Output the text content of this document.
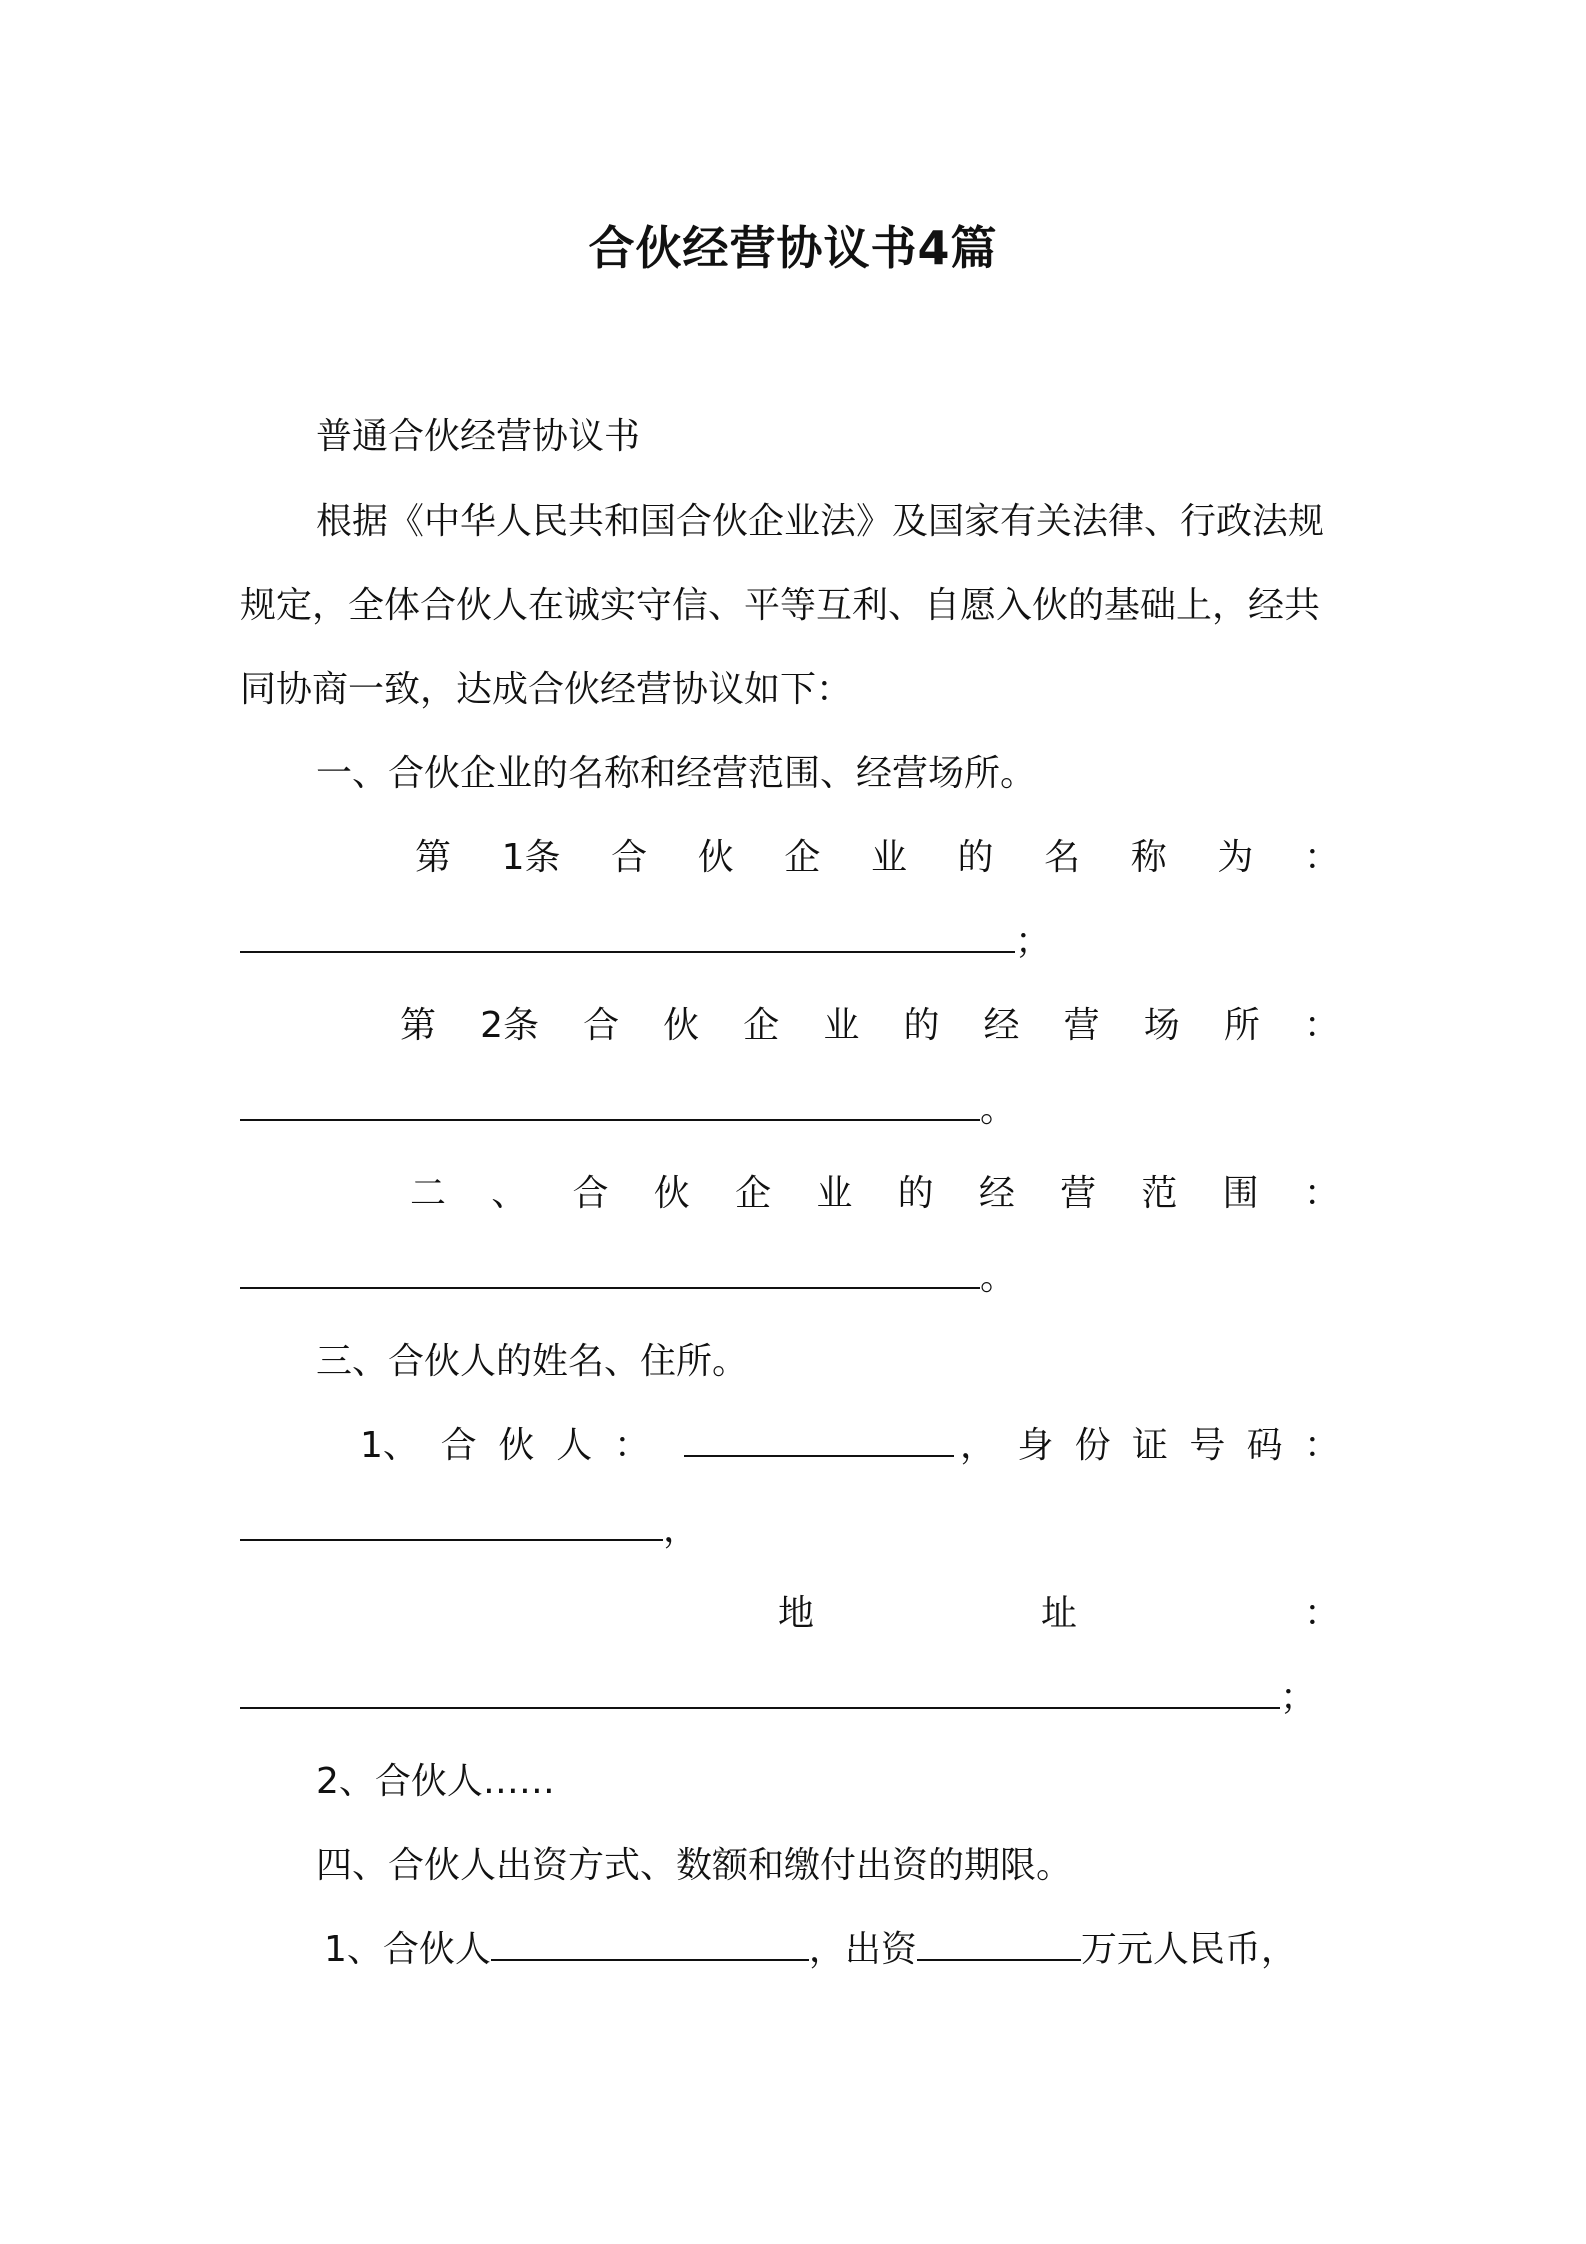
合伙经营协议书4篇
普通合伙经营协议书
根据《中华人民共和国合伙企业法》及国家有关法律、行政法规
规定，全体合伙人在诚实守信、平等互利、自愿入伙的基础上，经共
同协商一致，达成合伙经营协议如下：
一、合伙企业的名称和经营范围、经营场所。
第 1条 合 伙 企 业 的 名 称 为 ：
；
第 2条 合 伙 企 业 的 经 营 场 所 ：
。
二 、 合 伙 企 业 的 经 营 范 围 ：
。
三、合伙人的姓名、住所。
1、 合 伙 人 ：	， 身 份 证 号 码 ：
，
地	址	：
；
2、合伙人……
四、合伙人出资方式、数额和缴付出资的期限。
1、合伙人	，出资	万元人民币，
